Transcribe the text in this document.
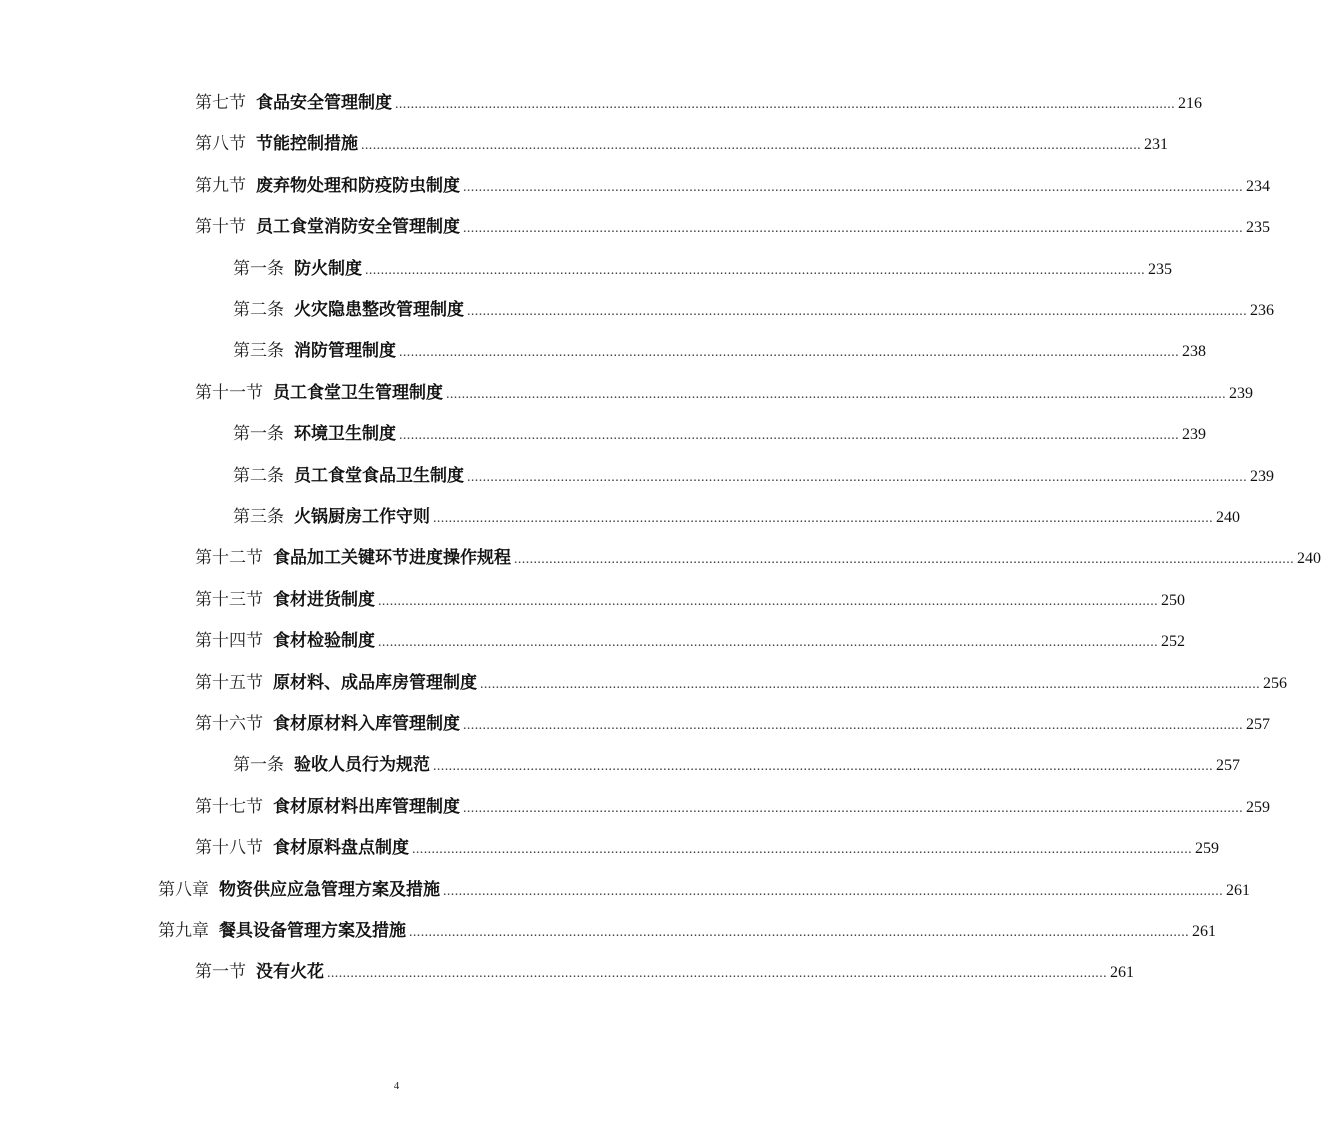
第七节 食品安全管理制度 ........................................................................................................................................................................................................ 216
第八节 节能控制措施 ........................................................................................................................................................................................................ 231
第九节 废弃物处理和防疫防虫制度 ........................................................................................................................................................................................................ 234
第十节 员工食堂消防安全管理制度 ........................................................................................................................................................................................................ 235
第一条 防火制度 ........................................................................................................................................................................................................ 235
第二条 火灾隐患整改管理制度 ........................................................................................................................................................................................................ 236
第三条 消防管理制度 ........................................................................................................................................................................................................ 238
第十一节 员工食堂卫生管理制度 ........................................................................................................................................................................................................ 239
第一条 环境卫生制度 ........................................................................................................................................................................................................ 239
第二条 员工食堂食品卫生制度 ........................................................................................................................................................................................................ 239
第三条 火锅厨房工作守则 ........................................................................................................................................................................................................ 240
第十二节 食品加工关键环节进度操作规程 ........................................................................................................................................................................................................ 240
第十三节 食材进货制度 ........................................................................................................................................................................................................ 250
第十四节 食材检验制度 ........................................................................................................................................................................................................ 252
第十五节 原材料、成品库房管理制度 ........................................................................................................................................................................................................ 256
第十六节 食材原材料入库管理制度 ........................................................................................................................................................................................................ 257
第一条 验收人员行为规范 ........................................................................................................................................................................................................ 257
第十七节 食材原材料出库管理制度 ........................................................................................................................................................................................................ 259
第十八节 食材原料盘点制度 ........................................................................................................................................................................................................ 259
第八章 物资供应应急管理方案及措施 ........................................................................................................................................................................................................ 261
第九章 餐具设备管理方案及措施 ........................................................................................................................................................................................................ 261
第一节 没有火花 ........................................................................................................................................................................................................ 261
4
